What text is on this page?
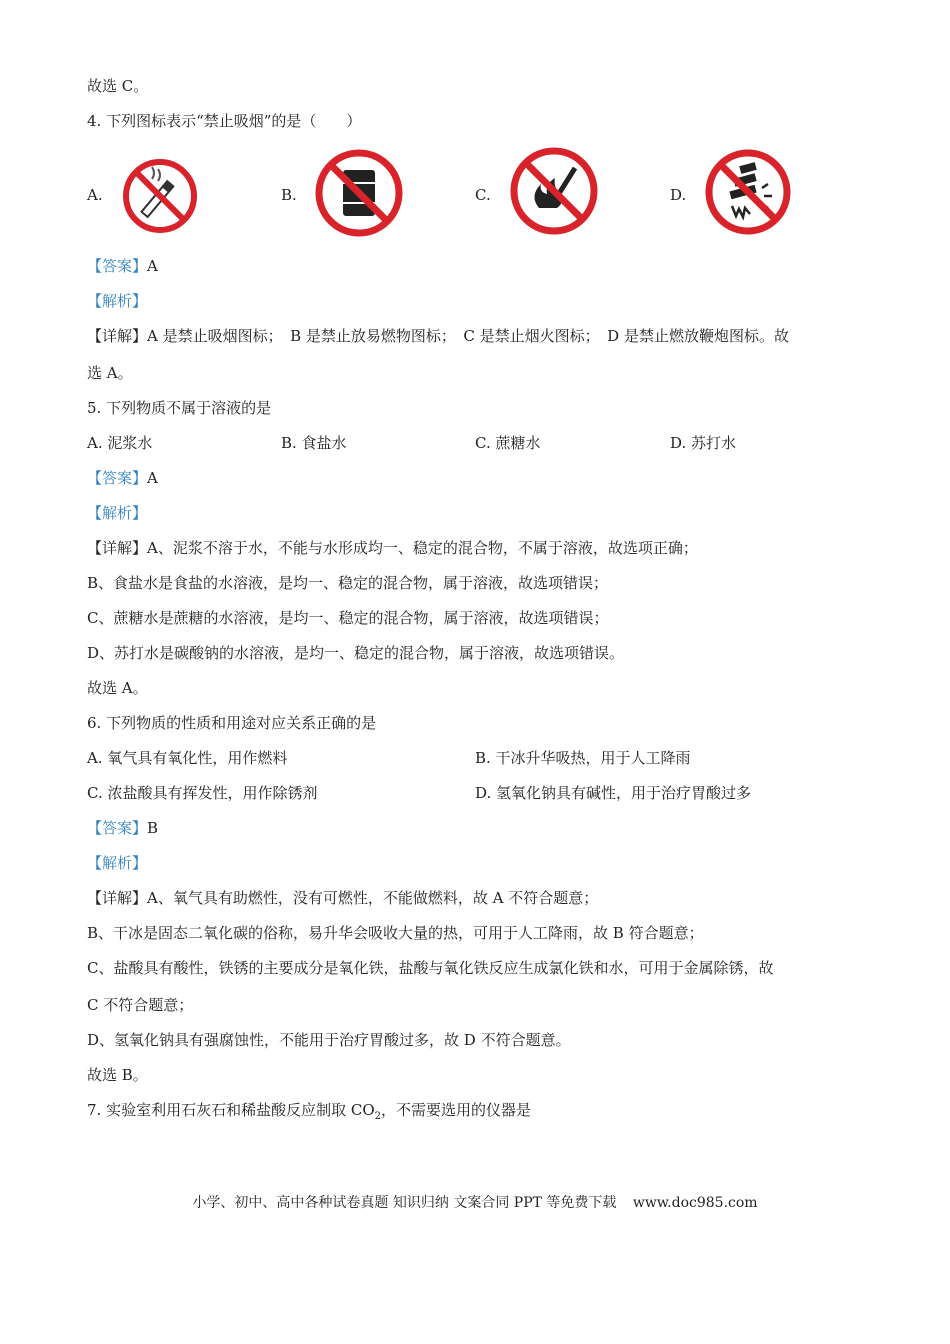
故选 C。
4. 下列图标表示“禁止吸烟”的是（　　）
A.	B.	C.	D.
【答案】A
【解析】
【详解】A 是禁止吸烟图标；　B 是禁止放易燃物图标；　C 是禁止烟火图标；　D 是禁止燃放鞭炮图标。故
选 A。
5. 下列物质不属于溶液的是
A. 泥浆水	B. 食盐水	C. 蔗糖水	D. 苏打水
【答案】A
【解析】
【详解】A、泥浆不溶于水，不能与水形成均一、稳定的混合物，不属于溶液，故选项正确；
B、食盐水是食盐的水溶液，是均一、稳定的混合物，属于溶液，故选项错误；
C、蔗糖水是蔗糖的水溶液，是均一、稳定的混合物，属于溶液，故选项错误；
D、苏打水是碳酸钠的水溶液，是均一、稳定的混合物，属于溶液，故选项错误。
故选 A。
6. 下列物质的性质和用途对应关系正确的是
A. 氧气具有氧化性，用作燃料	B. 干冰升华吸热，用于人工降雨
C. 浓盐酸具有挥发性，用作除锈剂	D. 氢氧化钠具有碱性，用于治疗胃酸过多
【答案】B
【解析】
【详解】A、氧气具有助燃性，没有可燃性，不能做燃料，故 A 不符合题意；
B、干冰是固态二氧化碳的俗称，易升华会吸收大量的热，可用于人工降雨，故 B 符合题意；
C、盐酸具有酸性，铁锈的主要成分是氧化铁，盐酸与氧化铁反应生成氯化铁和水，可用于金属除锈，故
C 不符合题意；
D、氢氧化钠具有强腐蚀性，不能用于治疗胃酸过多，故 D 不符合题意。
故选 B。
7. 实验室利用石灰石和稀盐酸反应制取 $CO_2$，不需要选用的仪器是
小学、初中、高中各种试卷真题 知识归纳 文案合同 PPT 等免费下载 www.doc985.com
